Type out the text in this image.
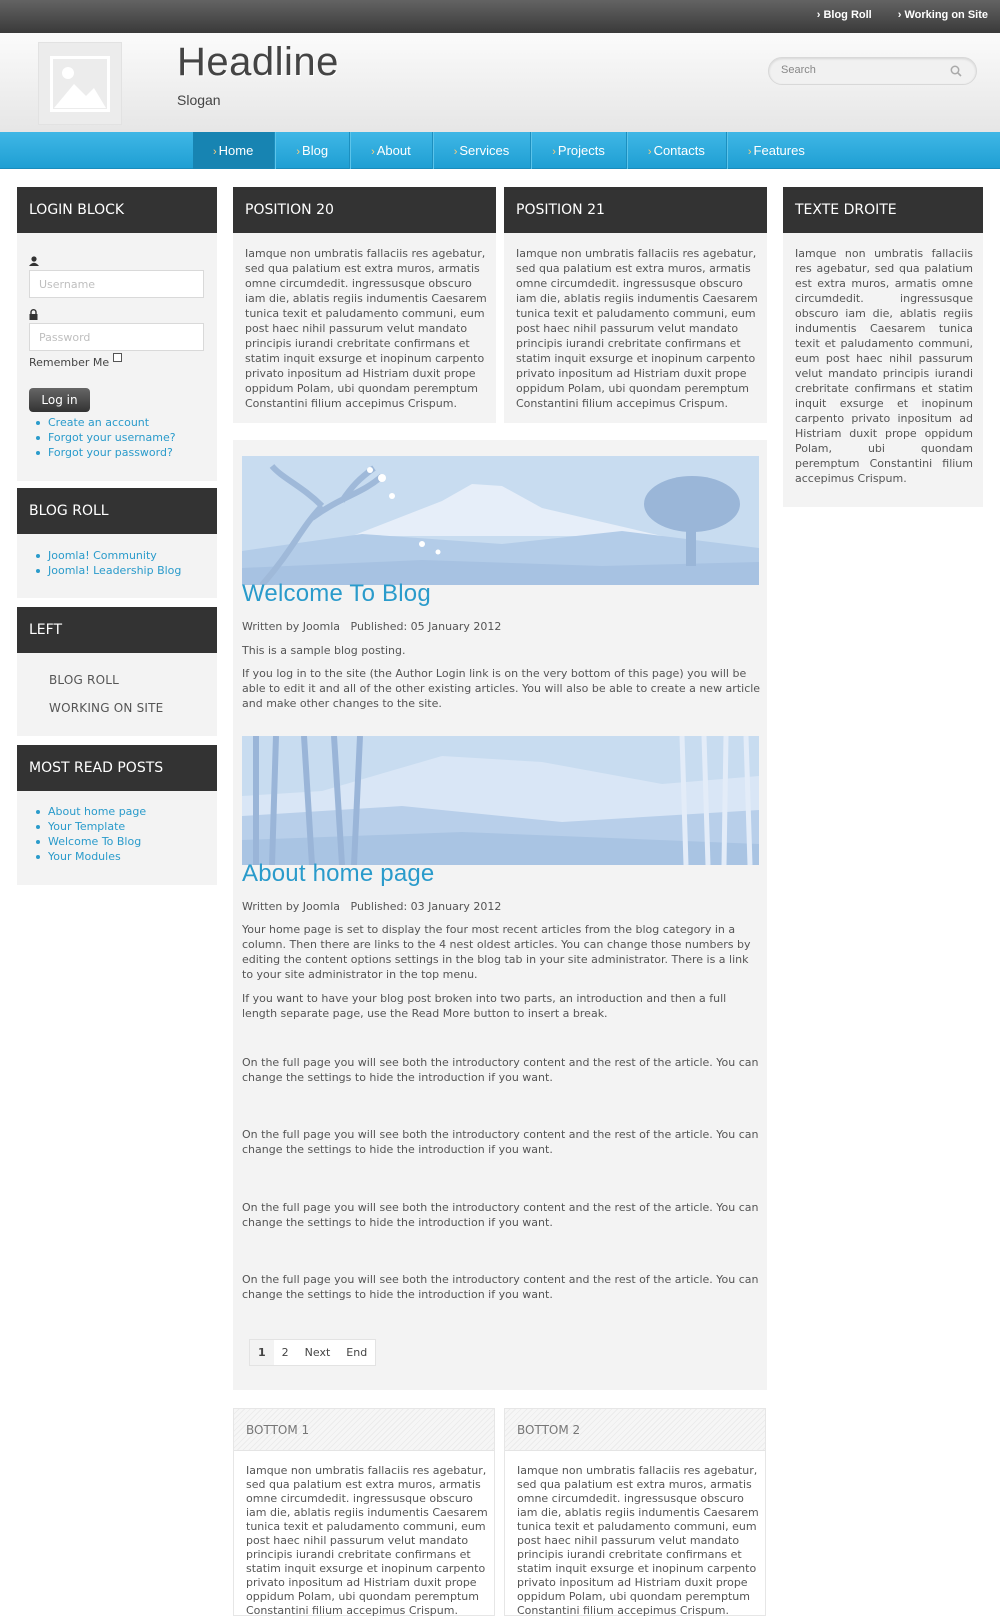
› Blog Roll › Working on Site
Headline
Slogan
Search
› Home	› Blog	› About	› Services	› Projects	› Contacts	› Features
LOGIN BLOCK
Username
Remember Me
Log in
Create an account
Forgot your username?
Forgot your password?
BLOG ROLL
Joomla! Community
Joomla! Leadership Blog
LEFT
BLOG ROLL
WORKING ON SITE
MOST READ POSTS
About home page
Your Template
Welcome To Blog
Your Modules
POSITION 20

Iamque non umbratis fallaciis res agebatur, sed qua palatium est extra muros, armatis omne circumdedit. ingressusque obscuro iam die, ablatis regiis indumentis Caesarem tunica texit et paludamento communi, eum post haec nihil passurum velut mandato principis iurandi crebritate confirmans et statim inquit exsurge et inopinum carpento privato inpositum ad Histriam duxit prope oppidum Polam, ubi quondam peremptum Constantini filium accepimus Crispum.

POSITION 21

Iamque non umbratis fallaciis res agebatur, sed qua palatium est extra muros, armatis omne circumdedit. ingressusque obscuro iam die, ablatis regiis indumentis Caesarem tunica texit et paludamento communi, eum post haec nihil passurum velut mandato principis iurandi crebritate confirmans et statim inquit exsurge et inopinum carpento privato inpositum ad Histriam duxit prope oppidum Polam, ubi quondam peremptum Constantini filium accepimus Crispum.

TEXTE DROITE

Iamque non umbratis fallaciis res agebatur, sed qua palatium est extra muros, armatis omne circumdedit. ingressusque obscuro iam die, ablatis regiis indumentis Caesarem tunica texit et paludamento communi, eum post haec nihil passurum velut mandato principis iurandi crebritate confirmans et statim inquit exsurge et inopinum carpento privato inpositum ad Histriam duxit prope oppidum Polam, ubi quondam peremptum Constantini filium accepimus Crispum.

Welcome To Blog
Written by Joomla   Published: 05 January 2012

This is a sample blog posting.

If you log in to the site (the Author Login link is on the very bottom of this page) you will be able to edit it and all of the other existing articles. You will also be able to create a new article and make other changes to the site.

About home page
Written by Joomla   Published: 03 January 2012

Your home page is set to display the four most recent articles from the blog category in a column. Then there are links to the 4 nest oldest articles. You can change those numbers by editing the content options settings in the blog tab in your site administrator. There is a link to your site administrator in the top menu.

If you want to have your blog post broken into two parts, an introduction and then a full length separate page, use the Read More button to insert a break.

On the full page you will see both the introductory content and the rest of the article. You can change the settings to hide the introduction if you want.

On the full page you will see both the introductory content and the rest of the article. You can change the settings to hide the introduction if you want.

On the full page you will see both the introductory content and the rest of the article. You can change the settings to hide the introduction if you want.

On the full page you will see both the introductory content and the rest of the article. You can change the settings to hide the introduction if you want.

1	2	Next	End
BOTTOM 1

Iamque non umbratis fallaciis res agebatur, sed qua palatium est extra muros, armatis omne circumdedit. ingressusque obscuro iam die, ablatis regiis indumentis Caesarem tunica texit et paludamento communi, eum post haec nihil passurum velut mandato principis iurandi crebritate confirmans et statim inquit exsurge et inopinum carpento privato inpositum ad Histriam duxit prope oppidum Polam, ubi quondam peremptum Constantini filium accepimus Crispum.

BOTTOM 2

Iamque non umbratis fallaciis res agebatur, sed qua palatium est extra muros, armatis omne circumdedit. ingressusque obscuro iam die, ablatis regiis indumentis Caesarem tunica texit et paludamento communi, eum post haec nihil passurum velut mandato principis iurandi crebritate confirmans et statim inquit exsurge et inopinum carpento privato inpositum ad Histriam duxit prope oppidum Polam, ubi quondam peremptum Constantini filium accepimus Crispum.
